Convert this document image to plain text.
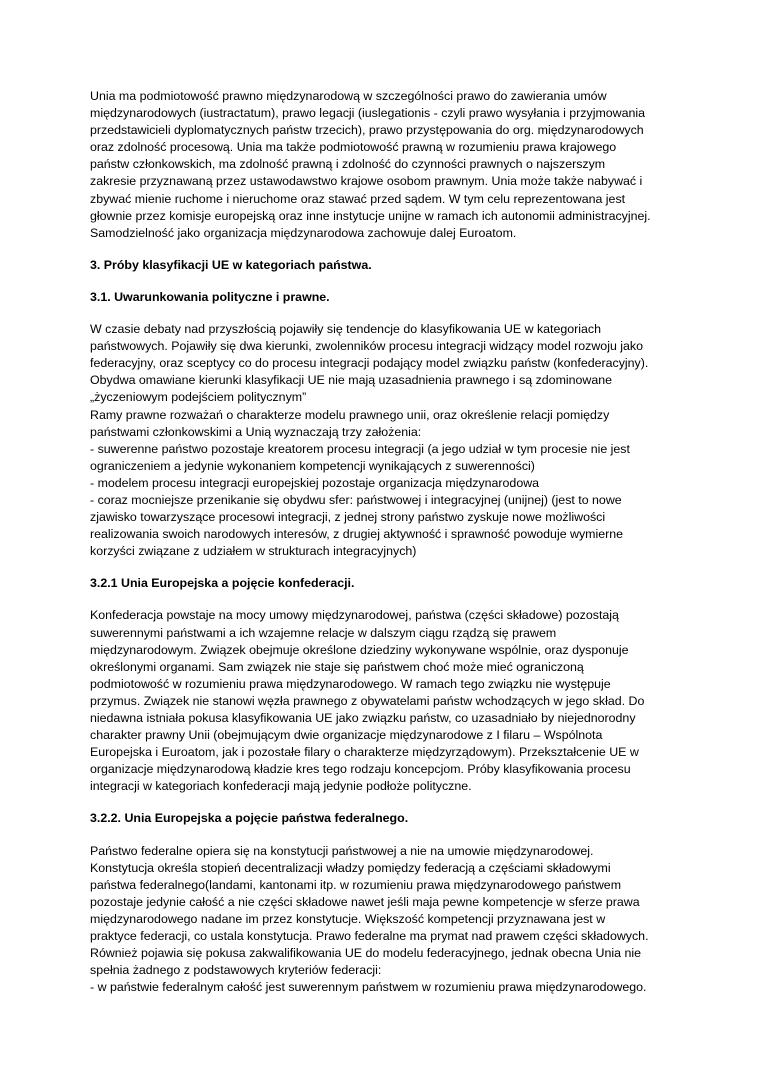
Unia ma podmiotowość prawno międzynarodową w szczególności prawo do zawierania umów
międzynarodowych (iustractatum), prawo legacji (iuslegationis - czyli prawo wysyłania i przyjmowania
przedstawicieli dyplomatycznych państw trzecich), prawo przystępowania do org. międzynarodowych
oraz zdolność procesową. Unia ma także podmiotowość prawną w rozumieniu prawa krajowego
państw członkowskich, ma zdolność prawną i zdolność do czynności prawnych o najszerszym
zakresie przyznawaną przez ustawodawstwo krajowe osobom prawnym. Unia może także nabywać i
zbywać mienie ruchome i nieruchome oraz stawać przed sądem. W tym celu reprezentowana jest
głownie przez komisje europejską oraz inne instytucje unijne w ramach ich autonomii administracyjnej.
Samodzielność jako organizacja międzynarodowa zachowuje dalej Euroatom.
3. Próby klasyfikacji UE w kategoriach państwa.
3.1. Uwarunkowania polityczne i prawne.
W czasie debaty nad przyszłością pojawiły się tendencje do klasyfikowania UE w kategoriach
państwowych. Pojawiły się dwa kierunki, zwolenników procesu integracji widzący model rozwoju jako
federacyjny, oraz sceptycy co do procesu integracji podający model związku państw (konfederacyjny).
Obydwa omawiane kierunki klasyfikacji UE nie mają uzasadnienia prawnego i są zdominowane
„życzeniowym podejściem politycznym”
Ramy prawne rozważań o charakterze modelu prawnego unii, oraz określenie relacji pomiędzy
państwami członkowskimi a Unią wyznaczają trzy założenia:
- suwerenne państwo pozostaje kreatorem procesu integracji (a jego udział w tym procesie nie jest
ograniczeniem a jedynie wykonaniem kompetencji wynikających z suwerenności)
- modelem procesu integracji europejskiej pozostaje organizacja międzynarodowa
- coraz mocniejsze przenikanie się obydwu sfer: państwowej i integracyjnej (unijnej) (jest to nowe
zjawisko towarzyszące procesowi integracji, z jednej strony państwo zyskuje nowe możliwości
realizowania swoich narodowych interesów, z drugiej aktywność i sprawność powoduje wymierne
korzyści związane z udziałem w strukturach integracyjnych)
3.2.1 Unia Europejska a pojęcie konfederacji.
Konfederacja powstaje na mocy umowy międzynarodowej, państwa (części składowe) pozostają
suwerennymi państwami a ich wzajemne relacje w dalszym ciągu rządzą się prawem
międzynarodowym. Związek obejmuje określone dziedziny wykonywane wspólnie, oraz dysponuje
określonymi organami. Sam związek nie staje się państwem choć może mieć ograniczoną
podmiotowość w rozumieniu prawa międzynarodowego. W ramach tego związku nie występuje
przymus. Związek nie stanowi węzła prawnego z obywatelami państw wchodzących w jego skład. Do
niedawna istniała pokusa klasyfikowania UE jako związku państw, co uzasadniało by niejednorodny
charakter prawny Unii (obejmującym dwie organizacje międzynarodowe z I filaru – Wspólnota
Europejska i Euroatom, jak i pozostałe filary o charakterze międzyrządowym). Przekształcenie UE w
organizacje międzynarodową kładzie kres tego rodzaju koncepcjom. Próby klasyfikowania procesu
integracji w kategoriach konfederacji mają jedynie podłoże polityczne.
3.2.2. Unia Europejska a pojęcie państwa federalnego.
Państwo federalne opiera się na konstytucji państwowej a nie na umowie międzynarodowej.
Konstytucja określa stopień decentralizacji władzy pomiędzy federacją a częściami składowymi
państwa federalnego(landami, kantonami itp. w rozumieniu prawa międzynarodowego państwem
pozostaje jedynie całość a nie części składowe nawet jeśli maja pewne kompetencje w sferze prawa
międzynarodowego nadane im przez konstytucje. Większość kompetencji przyznawana jest w
praktyce federacji, co ustala konstytucja. Prawo federalne ma prymat nad prawem części składowych.
Również pojawia się pokusa zakwalifikowania UE do modelu federacyjnego, jednak obecna Unia nie
spełnia żadnego z podstawowych kryteriów federacji:
- w państwie federalnym całość jest suwerennym państwem w rozumieniu prawa międzynarodowego.
